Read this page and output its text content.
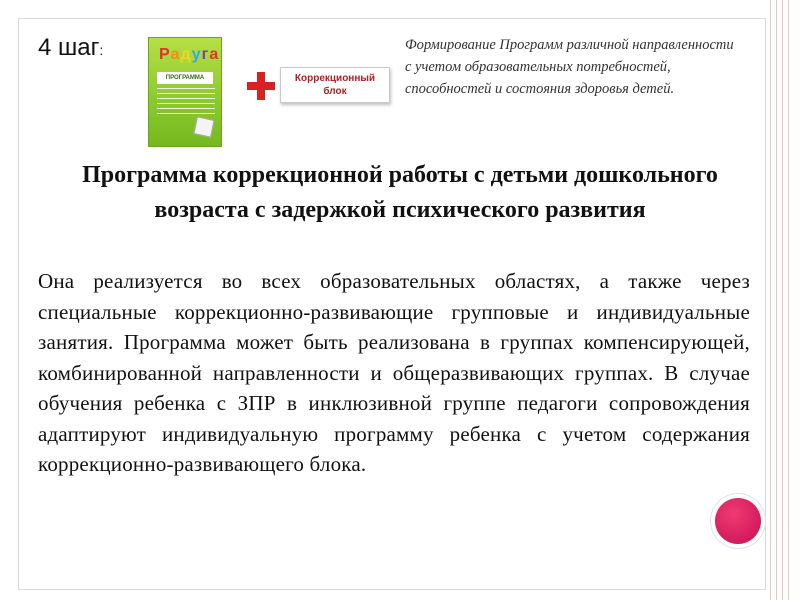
4 шаг:	Радуга
ПРОГРАММА	Коррекционный
блок
Формирование Программ различной направленности с учетом образовательных потребностей, способностей и состояния здоровья детей.
Программа коррекционной работы с детьми дошкольного возраста с задержкой психического развития
Она реализуется во всех образовательных областях, а также через специальные коррекционно-развивающие групповые и индивидуальные занятия. Программа может быть реализована в группах компенсирующей, комбинированной направленности и общеразвивающих группах. В случае обучения ребенка с ЗПР в инклюзивной группе педагоги сопровождения адаптируют индивидуальную программу ребенка с учетом содержания коррекционно-развивающего блока.
